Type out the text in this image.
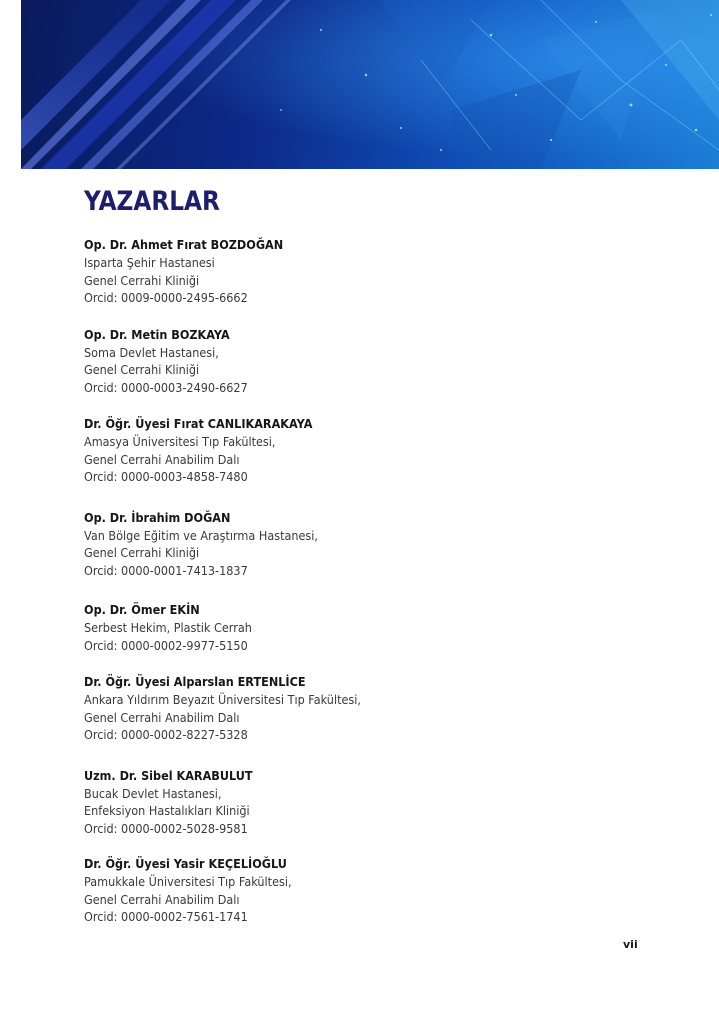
YAZARLAR
Op. Dr. Ahmet Fırat BOZDOĞAN
Isparta Şehir Hastanesi
Genel Cerrahi Kliniği
Orcid: 0009-0000-2495-6662
Op. Dr. Metin BOZKAYA
Soma Devlet Hastanesi,
Genel Cerrahi Kliniği
Orcid: 0000-0003-2490-6627
Dr. Öğr. Üyesi Fırat CANLIKARAKAYA
Amasya Üniversitesi Tıp Fakültesi,
Genel Cerrahi Anabilim Dalı
Orcid: 0000-0003-4858-7480
Op. Dr. İbrahim DOĞAN
Van Bölge Eğitim ve Araştırma Hastanesi,
Genel Cerrahi Kliniği
Orcid: 0000-0001-7413-1837
Op. Dr. Ömer EKİN
Serbest Hekim, Plastik Cerrah
Orcid: 0000-0002-9977-5150
Dr. Öğr. Üyesi Alparslan ERTENLİCE
Ankara Yıldırım Beyazıt Üniversitesi Tıp Fakültesi,
Genel Cerrahi Anabilim Dalı
Orcid: 0000-0002-8227-5328
Uzm. Dr. Sibel KARABULUT
Bucak Devlet Hastanesi,
Enfeksiyon Hastalıkları Kliniği
Orcid: 0000-0002-5028-9581
Dr. Öğr. Üyesi Yasir KEÇELİOĞLU
Pamukkale Üniversitesi Tıp Fakültesi,
Genel Cerrahi Anabilim Dalı
Orcid: 0000-0002-7561-1741
vii
